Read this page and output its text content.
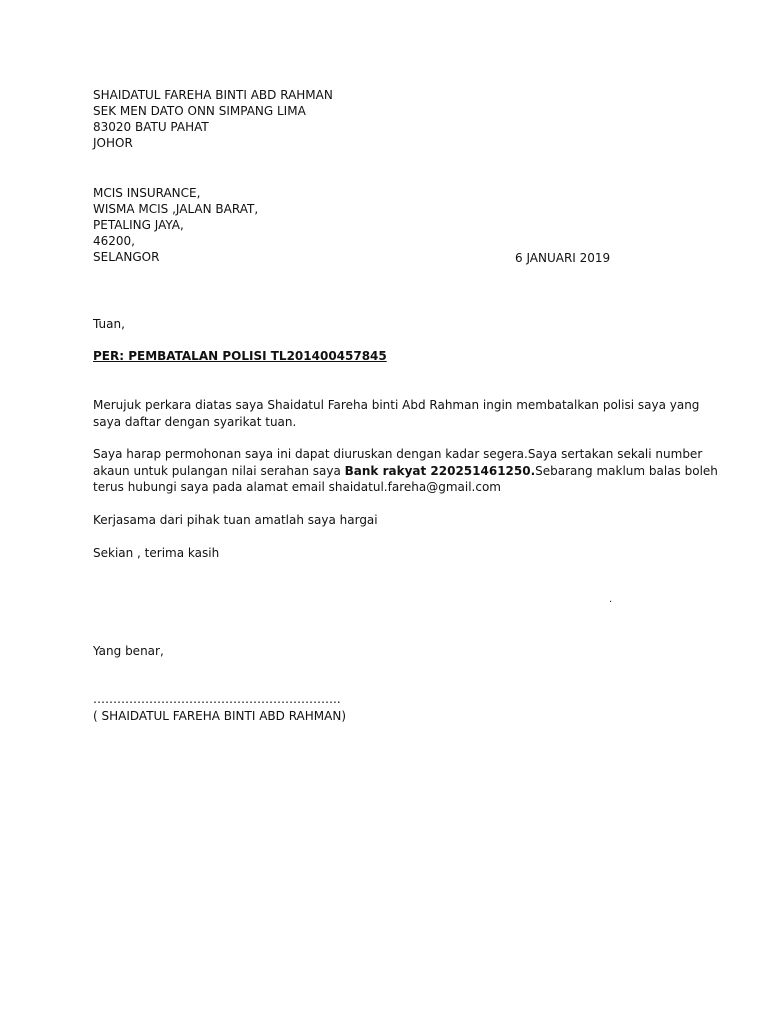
SHAIDATUL FAREHA BINTI ABD RAHMAN
SEK MEN DATO ONN SIMPANG LIMA
83020 BATU PAHAT
JOHOR
MCIS INSURANCE,
WISMA MCIS ,JALAN BARAT,
PETALING JAYA,
46200,
SELANGOR	6 JANUARI 2019
Tuan,
PER: PEMBATALAN POLISI TL201400457845
Merujuk perkara diatas saya Shaidatul Fareha binti Abd Rahman ingin membatalkan polisi saya yang
saya daftar dengan syarikat tuan.
Saya harap permohonan saya ini dapat diuruskan dengan kadar segera.Saya sertakan sekali number
akaun untuk pulangan nilai serahan saya Bank rakyat 220251461250.Sebarang maklum balas boleh
terus hubungi saya pada alamat email shaidatul.fareha@gmail.com
Kerjasama dari pihak tuan amatlah saya hargai
Sekian , terima kasih
.
Yang benar,
……………………………………………………..
( SHAIDATUL FAREHA BINTI ABD RAHMAN)
